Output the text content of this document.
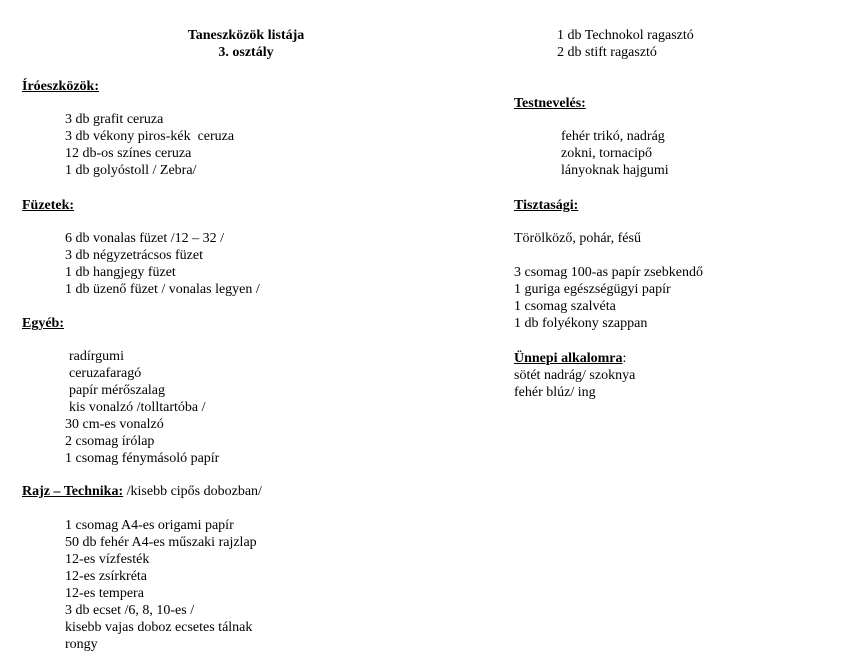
Taneszközök listája
3. osztály
Íróeszközök:
3 db grafit ceruza
3 db vékony piros-kék  ceruza
12 db-os színes ceruza
1 db golyóstoll / Zebra/
Füzetek:
6 db vonalas füzet /12 – 32 /
3 db négyzetrácsos füzet
1 db hangjegy füzet
1 db üzenő füzet / vonalas legyen /
Egyéb:
radírgumi
ceruzafaragó
papír mérőszalag
kis vonalzó /tolltartóba /
30 cm-es vonalzó
2 csomag írólap
1 csomag fénymásoló papír
Rajz – Technika: /kisebb cipős dobozban/
1 csomag A4-es origami papír
50 db fehér A4-es műszaki rajzlap
12-es vízfesték
12-es zsírkréta
12-es tempera
3 db ecset /6, 8, 10-es /
kisebb vajas doboz ecsetes tálnak
rongy
1 db Technokol ragasztó
2 db stift ragasztó
Testnevelés:
fehér trikó, nadrág
zokni, tornacipő
lányoknak hajgumi
Tisztasági:
Törölköző, pohár, fésű
3 csomag 100-as papír zsebkendő
1 guriga egészségügyi papír
1 csomag szalvéta
1 db folyékony szappan
Ünnepi alkalomra:
sötét nadrág/ szoknya
fehér blúz/ ing
